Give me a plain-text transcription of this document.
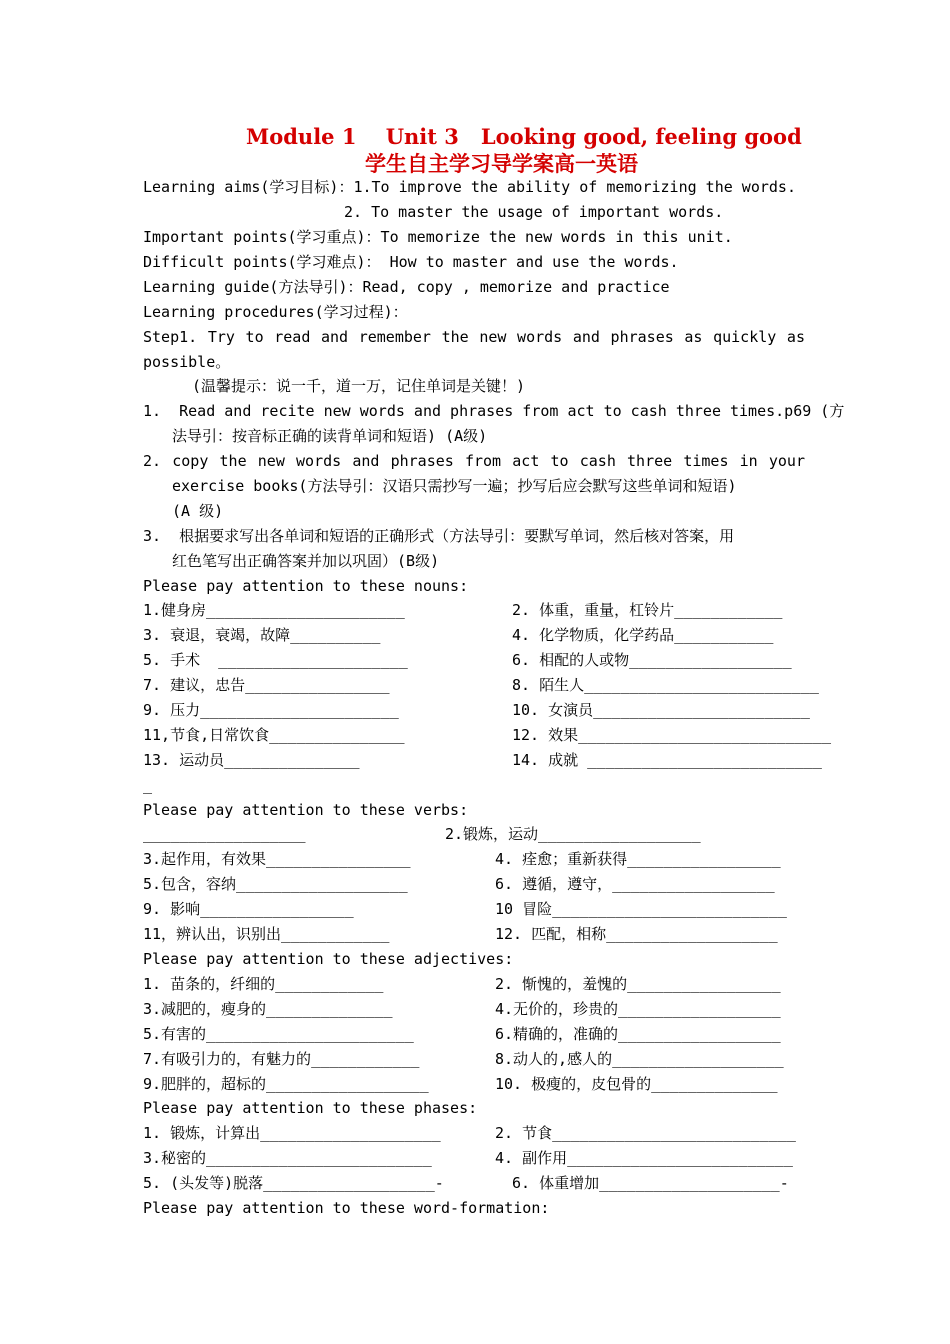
Module 1    Unit 3   Looking good, feeling good
学生自主学习导学案高一英语
Learning aims(学习目标)：1.To improve the ability of memorizing the words.
2. To master the usage of important words.
Important points(学习重点)：To memorize the new words in this unit.
Difficult points(学习难点)： How to master and use the words.
Learning guide(方法导引)：Read, copy , memorize and practice
Learning procedures(学习过程)：
Step1. Try to read and remember the new words and phrases as quickly as
possible。
(温馨提示：说一千，道一万，记住单词是关键！)
1.  Read and recite new words and phrases from act to cash three times.p69 (方
法导引：按音标正确的读背单词和短语) (A级)
2. copy the new words and phrases from act to cash three times in your
exercise books(方法导引：汉语只需抄写一遍；抄写后应会默写这些单词和短语)
(A 级)
3.  根据要求写出各单词和短语的正确形式（方法导引：要默写单词，然后核对答案，用
红色笔写出正确答案并加以巩固）(B级)
Please pay attention to these nouns:
1.健身房______________________	2. 体重，重量，杠铃片____________
3. 衰退，衰竭，故障__________	4. 化学物质，化学药品___________
5. 手术  _____________________	6. 相配的人或物__________________
7. 建议，忠告________________	8. 陌生人__________________________
9. 压力______________________	10. 女演员________________________
11,节食,日常饮食_______________	12. 效果____________________________
13. 运动员_______________	14. 成就 __________________________
_
Please pay attention to these verbs:
__________________	2.锻炼，运动__________________
3.起作用，有效果________________	4. 痊愈；重新获得_________________
5.包含，容纳___________________	6. 遵循，遵守，__________________
9. 影响_________________	10 冒险__________________________
11，辨认出，识别出____________	12. 匹配，相称___________________
Please pay attention to these adjectives:
1. 苗条的，纤细的____________	2. 惭愧的，羞愧的_________________
3.减肥的，瘦身的______________	4.无价的，珍贵的__________________
5.有害的_______________________	6.精确的，准确的__________________
7.有吸引力的，有魅力的____________	8.动人的,感人的___________________
9.肥胖的，超标的__________________	10. 极瘦的，皮包骨的______________
Please pay attention to these phases:
1. 锻炼，计算出____________________	2. 节食___________________________
3.秘密的_________________________	4. 副作用_________________________
5. (头发等)脱落___________________-	6. 体重增加____________________-
Please pay attention to these word-formation:
